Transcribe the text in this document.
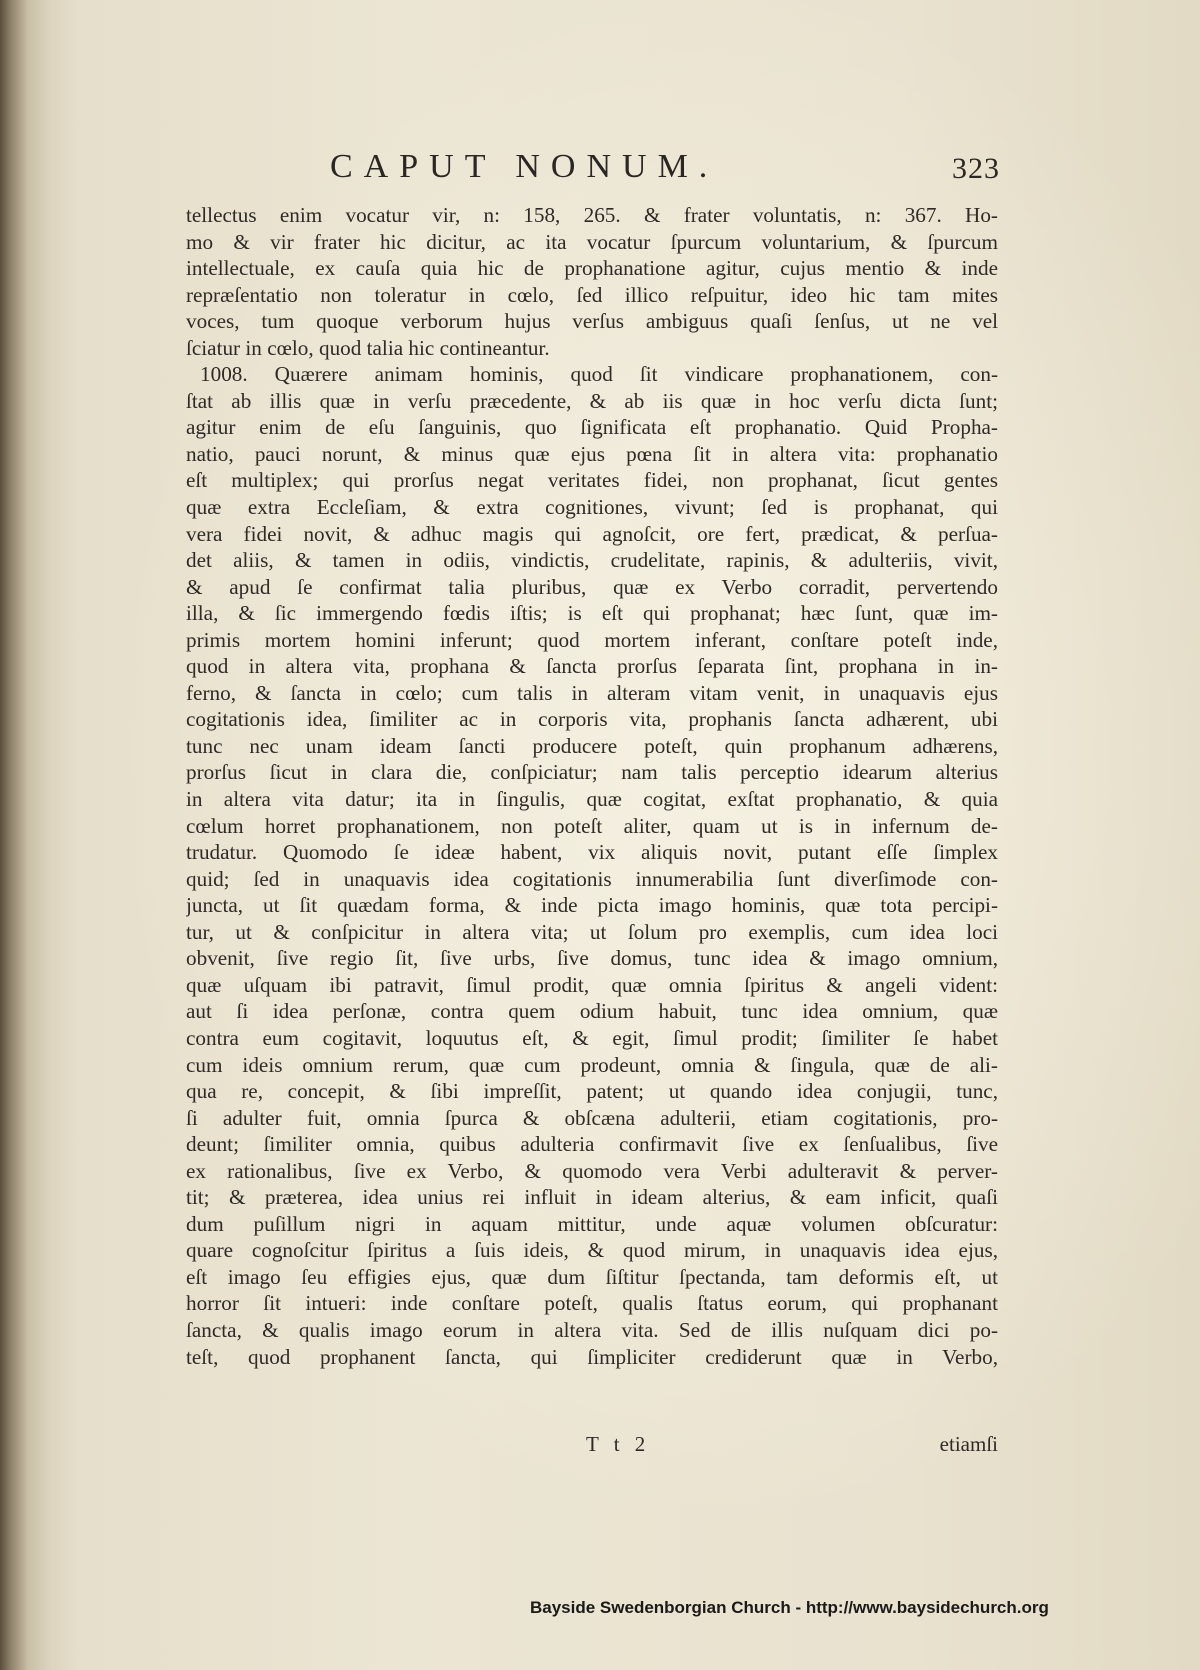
CAPUT NONUM.	323
tellectus enim vocatur vir, n: 158, 265. & frater voluntatis, n: 367. Ho-
mo & vir frater hic dicitur, ac ita vocatur ſpurcum voluntarium, & ſpurcum
intellectuale, ex cauſa quia hic de prophanatione agitur, cujus mentio & inde
repræſentatio non toleratur in cœlo, ſed illico reſpuitur, ideo hic tam mites
voces, tum quoque verborum hujus verſus ambiguus quaſi ſenſus, ut ne vel
ſciatur in cœlo, quod talia hic contineantur.
1008. Quærere animam hominis, quod ſit vindicare prophanationem, con-
ſtat ab illis quæ in verſu præcedente, & ab iis quæ in hoc verſu dicta ſunt;
agitur enim de eſu ſanguinis, quo ſignificata eſt prophanatio. Quid Propha-
natio, pauci norunt, & minus quæ ejus pœna ſit in altera vita: prophanatio
eſt multiplex; qui prorſus negat veritates fidei, non prophanat, ſicut gentes
quæ extra Eccleſiam, & extra cognitiones, vivunt; ſed is prophanat, qui
vera fidei novit, & adhuc magis qui agnoſcit, ore fert, prædicat, & perſua-
det aliis, & tamen in odiis, vindictis, crudelitate, rapinis, & adulteriis, vivit,
& apud ſe confirmat talia pluribus, quæ ex Verbo corradit, pervertendo
illa, & ſic immergendo fœdis iſtis; is eſt qui prophanat; hæc ſunt, quæ im-
primis mortem homini inferunt; quod mortem inferant, conſtare poteſt inde,
quod in altera vita, prophana & ſancta prorſus ſeparata ſint, prophana in in-
ferno, & ſancta in cœlo; cum talis in alteram vitam venit, in unaquavis ejus
cogitationis idea, ſimiliter ac in corporis vita, prophanis ſancta adhærent, ubi
tunc nec unam ideam ſancti producere poteſt, quin prophanum adhærens,
prorſus ſicut in clara die, conſpiciatur; nam talis perceptio idearum alterius
in altera vita datur; ita in ſingulis, quæ cogitat, exſtat prophanatio, & quia
cœlum horret prophanationem, non poteſt aliter, quam ut is in infernum de-
trudatur. Quomodo ſe ideæ habent, vix aliquis novit, putant eſſe ſimplex
quid; ſed in unaquavis idea cogitationis innumerabilia ſunt diverſimode con-
juncta, ut ſit quædam forma, & inde picta imago hominis, quæ tota percipi-
tur, ut & conſpicitur in altera vita; ut ſolum pro exemplis, cum idea loci
obvenit, ſive regio ſit, ſive urbs, ſive domus, tunc idea & imago omnium,
quæ uſquam ibi patravit, ſimul prodit, quæ omnia ſpiritus & angeli vident:
aut ſi idea perſonæ, contra quem odium habuit, tunc idea omnium, quæ
contra eum cogitavit, loquutus eſt, & egit, ſimul prodit; ſimiliter ſe habet
cum ideis omnium rerum, quæ cum prodeunt, omnia & ſingula, quæ de ali-
qua re, concepit, & ſibi impreſſit, patent; ut quando idea conjugii, tunc,
ſi adulter fuit, omnia ſpurca & obſcæna adulterii, etiam cogitationis, pro-
deunt; ſimiliter omnia, quibus adulteria confirmavit ſive ex ſenſualibus, ſive
ex rationalibus, ſive ex Verbo, & quomodo vera Verbi adulteravit & perver-
tit; & præterea, idea unius rei influit in ideam alterius, & eam inficit, quaſi
dum puſillum nigri in aquam mittitur, unde aquæ volumen obſcuratur:
quare cognoſcitur ſpiritus a ſuis ideis, & quod mirum, in unaquavis idea ejus,
eſt imago ſeu effigies ejus, quæ dum ſiſtitur ſpectanda, tam deformis eſt, ut
horror ſit intueri: inde conſtare poteſt, qualis ſtatus eorum, qui prophanant
ſancta, & qualis imago eorum in altera vita. Sed de illis nuſquam dici po-
teſt, quod prophanent ſancta, qui ſimpliciter crediderunt quæ in Verbo,
T t 2	etiamſi
Bayside Swedenborgian Church - http://www.baysidechurch.org
